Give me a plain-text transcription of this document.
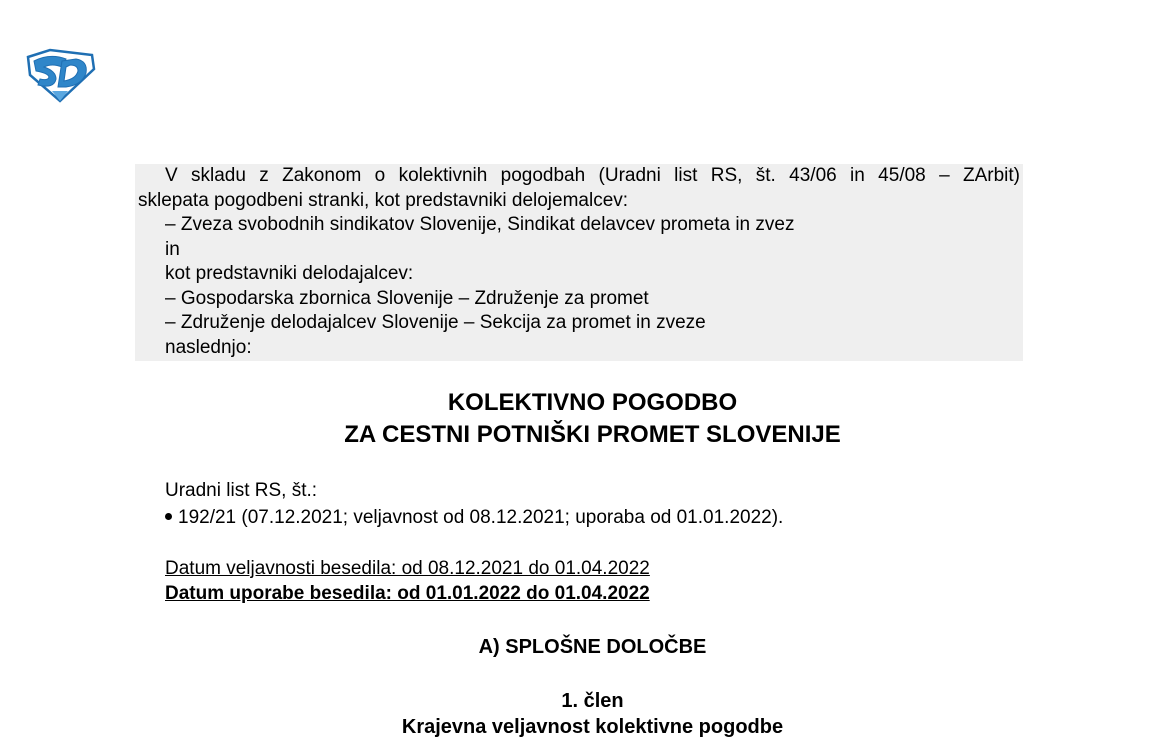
V skladu z Zakonom o kolektivnih pogodbah (Uradni list RS, št. 43/06 in 45/08 – ZArbit)
sklepata pogodbeni stranki, kot predstavniki delojemalcev:
– Zveza svobodnih sindikatov Slovenije, Sindikat delavcev prometa in zvez
in
kot predstavniki delodajalcev:
– Gospodarska zbornica Slovenije – Združenje za promet
– Združenje delodajalcev Slovenije – Sekcija za promet in zveze
naslednjo:
KOLEKTIVNO POGODBO
ZA CESTNI POTNIŠKI PROMET SLOVENIJE
Uradni list RS, št.:
192/21 (07.12.2021; veljavnost od 08.12.2021; uporaba od 01.01.2022).
Datum veljavnosti besedila: od 08.12.2021 do 01.04.2022
Datum uporabe besedila: od 01.01.2022 do 01.04.2022
A) SPLOŠNE DOLOČBE
1. člen
Krajevna veljavnost kolektivne pogodbe
